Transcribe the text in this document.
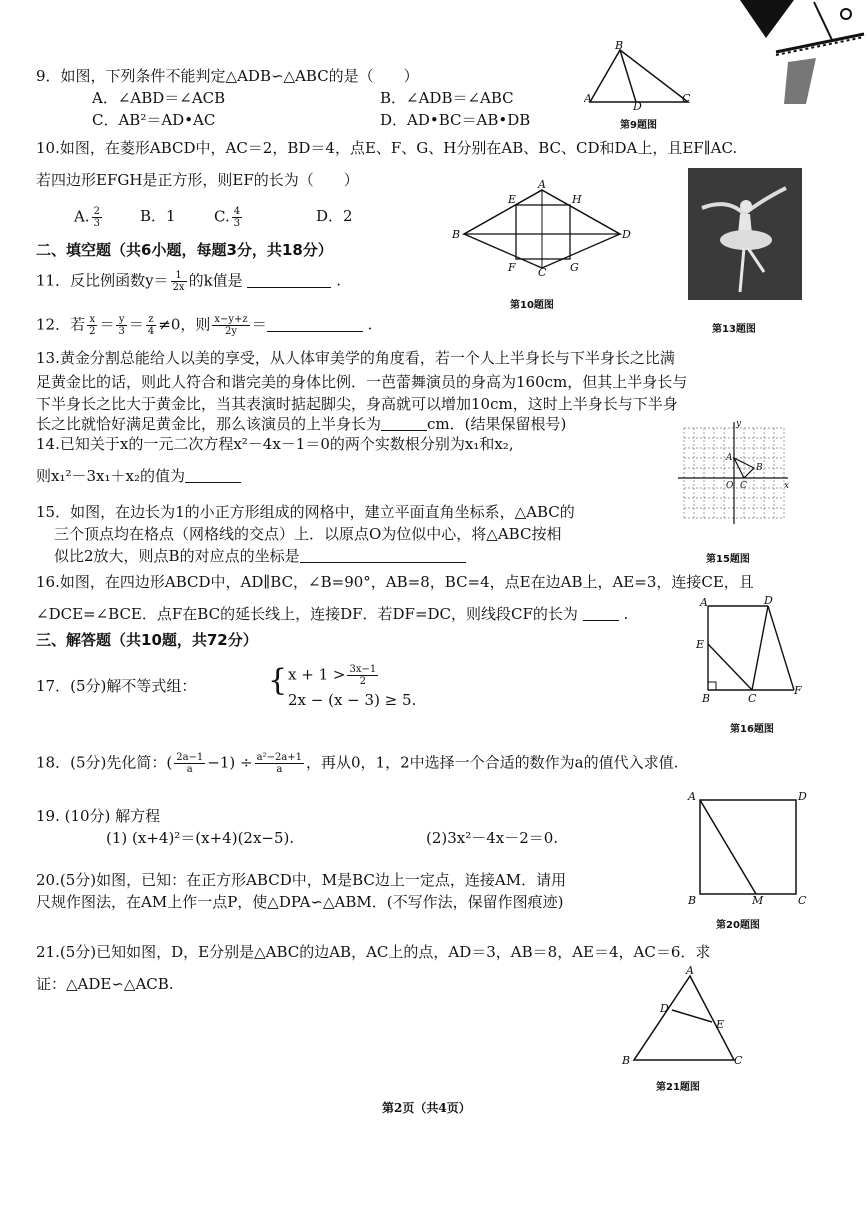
9．如图，下列条件不能判定△ADB∽△ABC的是（　　）
A．∠ABD＝∠ACB	B．∠ADB＝∠ABC
C．AB²＝AD•AC	D．AD•BC＝AB•DB
B
A
D
C
第9题图
10.如图，在菱形ABCD中，AC＝2，BD＝4，点E、F、G、H分别在AB、BC、CD和DA上，且EF∥AC.
若四边形EFGH是正方形，则EF的长为（　　）
A. $\frac{2}{3}$	B．1	C. $\frac{4}{3}$	D．2
A
B
C
D
E	H
F	G
第10题图
第13题图
二、填空题（共6小题，每题3分，共18分）
11．反比例函数$y= \frac{1}{2x}$ 的k值是	.
12．若 $\frac{x}{2} = \frac{y}{3} = \frac{z}{4} \ne 0$，则 $\frac{x-y+z}{2y}$ ＝	.
13.黄金分割总能给人以美的享受，从人体审美学的角度看，若一个人上半身长与下半身长之比满
足黄金比的话，则此人符合和谐完美的身体比例．一芭蕾舞演员的身高为160cm，但其上半身长与
下半身长之比大于黄金比，当其表演时掂起脚尖，身高就可以增加10cm，这时上半身长与下半身
长之比就恰好满足黄金比，那么该演员的上半身长为	cm．(结果保留根号)
14.已知关于x的一元二次方程x²－4x－1＝0的两个实数根分别为x₁和x₂,
则x₁²－3x₁＋x₂的值为
A
B
O C
y
x
第15题图
15．如图，在边长为1的小正方形组成的网格中，建立平面直角坐标系，△ABC的
三个顶点均在格点（网格线的交点）上．以原点O为位似中心，将△ABC按相
似比2放大，则点B的对应点的坐标是
16.如图，在四边形ABCD中，AD∥BC，∠B=90°，AB=8，BC=4，点E在边AB上，AE=3，连接CE，且
∠DCE=∠BCE．点F在BC的延长线上，连接DF．若DF=DC，则线段CF的长为	.
A	D
E
B	C
F
第16题图
三、解答题（共10题，共72分）
17．(5分)解不等式组： { $x + 1 > \frac{3x-1}{2}$
2x − (x − 3) ≥ 5.
18．(5分)先化简：( $\frac{2a-1}{a} -1) \div \frac{\text{a²−2a+1}}{a}$ ，再从0，1，2中选择一个合适的数作为a的值代入求值.
19. (10分) 解方程
(1) (x+4)²＝(x+4)(2x−5).	(2)3x²－4x－2＝0.
A	D
B	M	C
第20题图
20.(5分)如图，已知：在正方形ABCD中，M是BC边上一定点，连接AM．请用
尺规作图法，在AM上作一点P，使△DPA∽△ABM．(不写作法，保留作图痕迹)
21.(5分)已知如图，D，E分别是△ABC的边AB，AC上的点，AD＝3，AB＝8，AE＝4，AC＝6．求
证：△ADE∽△ACB.
A
D
E
B	C
第21题图
第2页（共4页）
